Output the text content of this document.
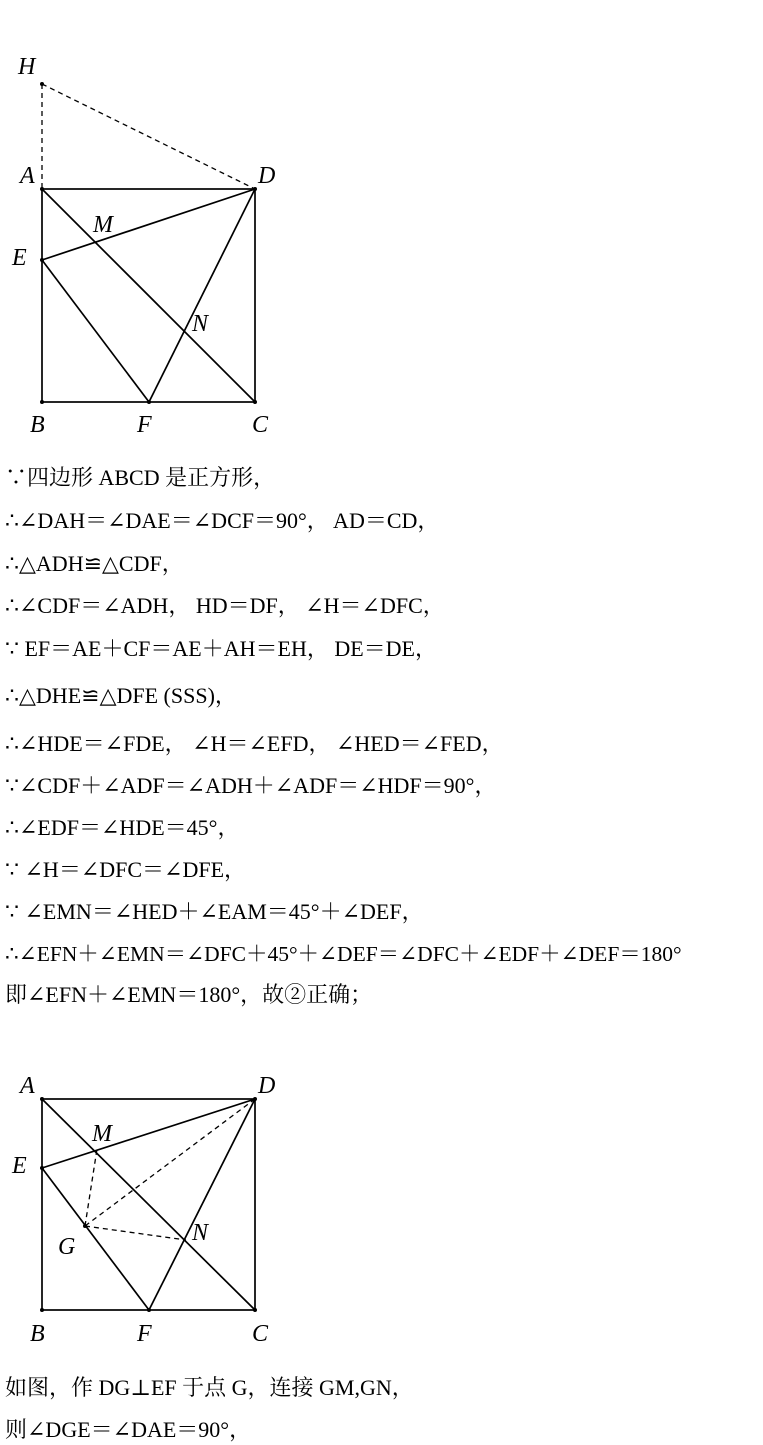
H
A	D
M
E
N
B	F	C
∵四边形 ABCD 是正方形，
∴∠DAH＝∠DAE＝∠DCF＝90°， AD＝CD，
∴△ADH≌△CDF，
∴∠CDF＝∠ADH， HD＝DF， ∠H＝∠DFC，
∵ EF＝AE＋CF＝AE＋AH＝EH， DE＝DE，
∴△DHE≌△DFE (SSS)，
∴∠HDE＝∠FDE， ∠H＝∠EFD， ∠HED＝∠FED，
∵∠CDF＋∠ADF＝∠ADH＋∠ADF＝∠HDF＝90°，
∴∠EDF＝∠HDE＝45°，
∵ ∠H＝∠DFC＝∠DFE，
∵ ∠EMN＝∠HED＋∠EAM＝45°＋∠DEF，
∴∠EFN＋∠EMN＝∠DFC＋45°＋∠DEF＝∠DFC＋∠EDF＋∠DEF＝180°
即∠EFN＋∠EMN＝180°，故②正确；
A	D
M
E
N
G
B	F	C
如图，作 DG⊥EF 于点 G，连接 GM,GN，
则∠DGE＝∠DAE＝90°，
